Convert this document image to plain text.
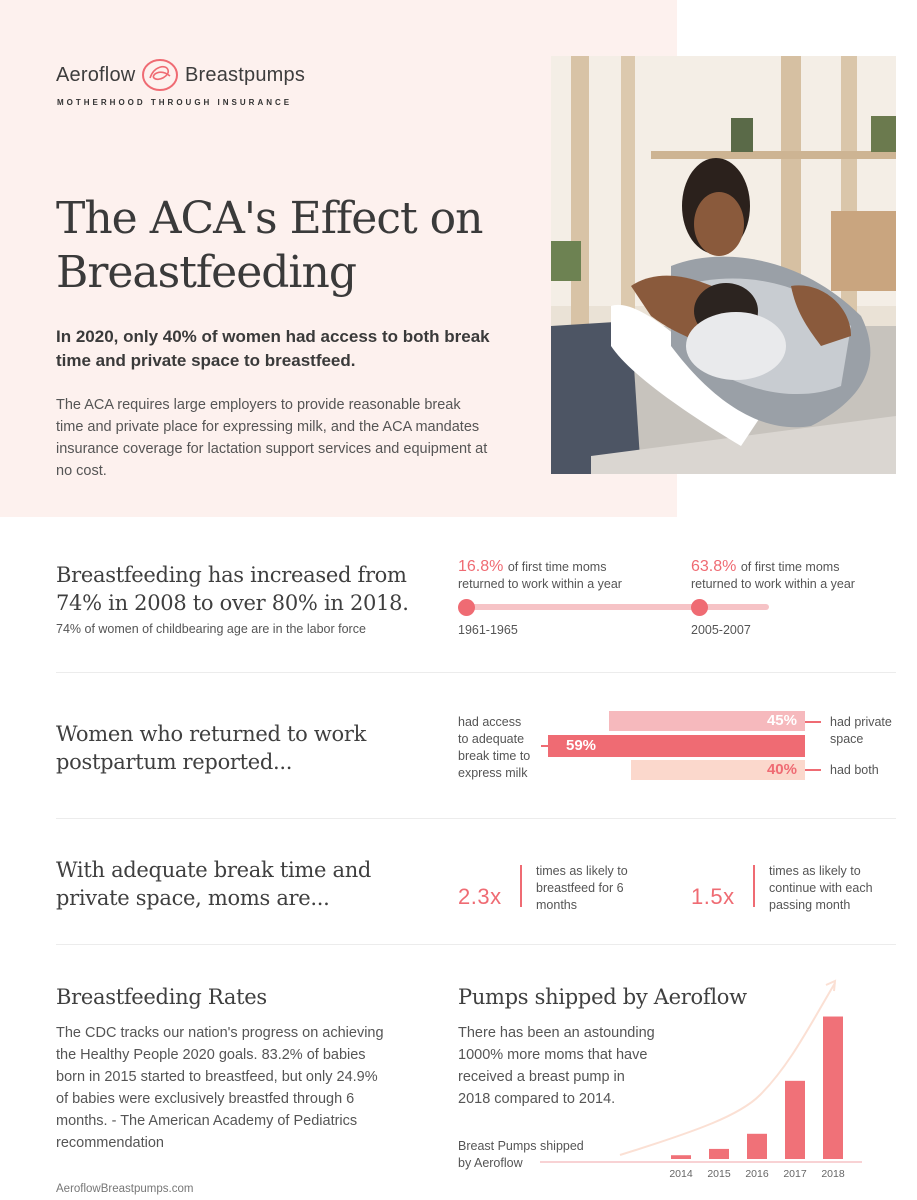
Aeroflow Breastpumps
MOTHERHOOD THROUGH INSURANCE
The ACA's Effect on
Breastfeeding
In 2020, only 40% of women had access to both break
time and private space to breastfeed.
The ACA requires large employers to provide reasonable break
time and private place for expressing milk, and the ACA mandates
insurance coverage for lactation support services and equipment at
no cost.
Breastfeeding has increased from
74% in 2008 to over 80% in 2018.
74% of women of childbearing age are in the labor force
16.8% of first time moms
returned to work within a year
63.8% of first time moms
returned to work within a year
1961-1965	2005-2007
Women who returned to work
postpartum reported...
had access
to adequate
break time to
express milk
45%
59%
40%
had private
space
had both
With adequate break time and
private space, moms are...	2.3x
times as likely to
breastfeed for 6
months	1.5x
times as likely to
continue with each
passing month
Breastfeeding Rates
The CDC tracks our nation's progress on achieving
the Healthy People 2020 goals. 83.2% of babies
born in 2015 started to breastfeed, but only 24.9%
of babies were exclusively breastfed through 6
months. - The American Academy of Pediatrics
recommendation
Pumps shipped by Aeroflow
There has been an astounding
1000% more moms that have
received a breast pump in
2018 compared to 2014.
Breast Pumps shipped
by Aeroflow
2014 2015 2016 2017 2018
AeroflowBreastpumps.com
